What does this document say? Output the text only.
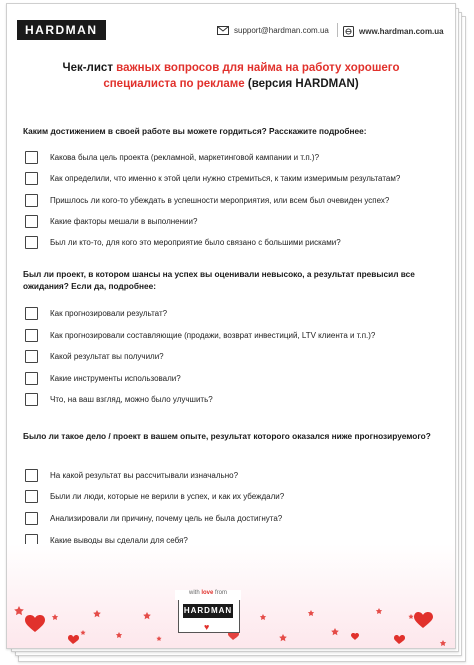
HARDMAN	support@hardman.com.ua	www.hardman.com.ua
Чек-лист важных вопросов для найма на работу хорошего специалиста по рекламе (версия HARDMAN)
Каким достижением в своей работе вы можете гордиться? Расскажите подробнее:
Какова была цель проекта (рекламной, маркетинговой кампании и т.п.)?
Как определили, что именно к этой цели нужно стремиться, к таким измеримым результатам?
Пришлось ли кого-то убеждать в успешности мероприятия, или всем был очевиден успех?
Какие факторы мешали в выполнении?
Был ли кто-то, для кого это мероприятие было связано с большими рисками?
Был ли проект, в котором шансы на успех вы оценивали невысоко, а результат превысил все ожидания? Если да, подробнее:
Как прогнозировали результат?
Как прогнозировали составляющие (продажи, возврат инвестиций, LTV клиента и т.п.)?
Какой результат вы получили?
Какие инструменты использовали?
Что, на ваш взгляд, можно было улучшить?
Было ли такое дело / проект в вашем опыте, результат которого оказался ниже прогнозируемого?
На какой результат вы рассчитывали изначально?
Были ли люди, которые не верили в успех, и как их убеждали?
Анализировали ли причину, почему цель не была достигнута?
Какие выводы вы сделали для себя?
with love from
HARDMAN
♥
